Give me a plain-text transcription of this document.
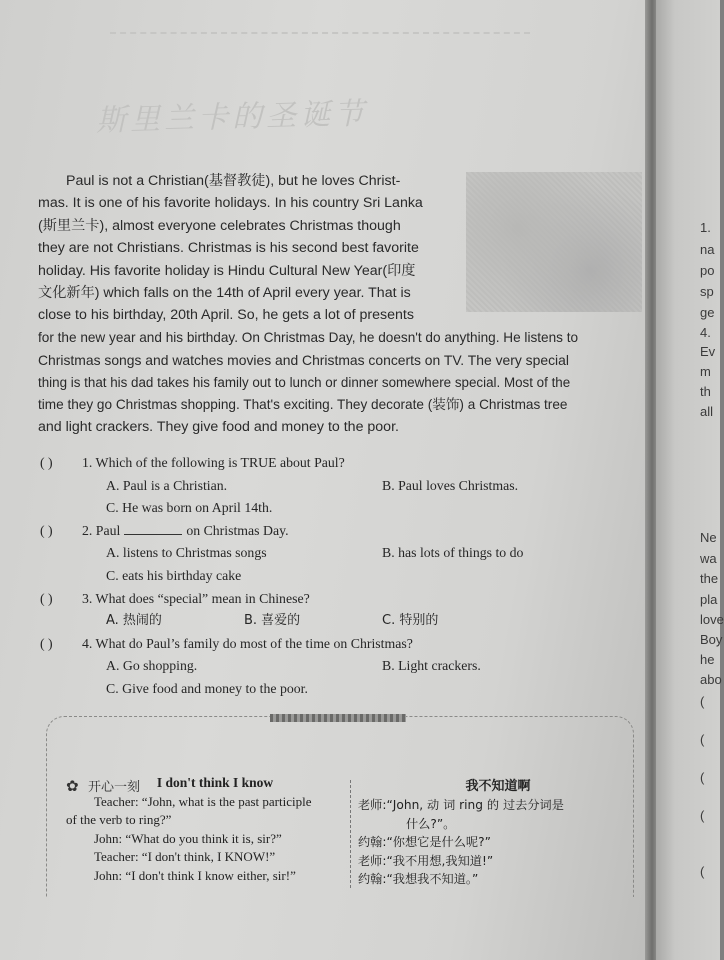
斯里兰卡的圣诞节
Paul is not a Christian(基督教徒), but he loves Christ-
mas. It is one of his favorite holidays. In his country Sri Lanka
(斯里兰卡), almost everyone celebrates Christmas though
they are not Christians. Christmas is his second best favorite
holiday. His favorite holiday is Hindu Cultural New Year(印度
文化新年) which falls on the 14th of April every year. That is
close to his birthday, 20th April. So, he gets a lot of presents
for the new year and his birthday. On Christmas Day, he doesn't do anything. He listens to
Christmas songs and watches movies and Christmas concerts on TV. The very special
thing is that his dad takes his family out to lunch or dinner somewhere special. Most of the
time they go Christmas shopping. That's exciting. They decorate (装饰) a Christmas tree
and light crackers. They give food and money to the poor.
( ) 1. Which of the following is TRUE about Paul?
A. Paul is a Christian.	B. Paul loves Christmas.
C. He was born on April 14th.
( ) 2. Paul	on Christmas Day.
A. listens to Christmas songs	B. has lots of things to do
C. eats his birthday cake
( ) 3. What does “special” mean in Chinese?
A. 热闹的	B. 喜爱的	C. 特别的
( ) 4. What do Paul’s family do most of the time on Christmas?
A. Go shopping.	B. Light crackers.
C. Give food and money to the poor.
✿ 开心一刻	I don't think I know
Teacher: “John, what is the past participle
of the verb to ring?”
John: “What do you think it is, sir?”
Teacher: “I don't think, I KNOW!”
John: “I don't think I know either, sir!”
我不知道啊
老师:“John, 动 词 ring 的 过去分词是
什么?”。
约翰:“你想它是什么呢?”
老师:“我不用想,我知道!”
约翰:“我想我不知道。”
1.
na
po
sp
ge
4.
Ev
m
th
all
Ne
wa
the
pla
love
Boy
he
abo
(
(
(
(
(
